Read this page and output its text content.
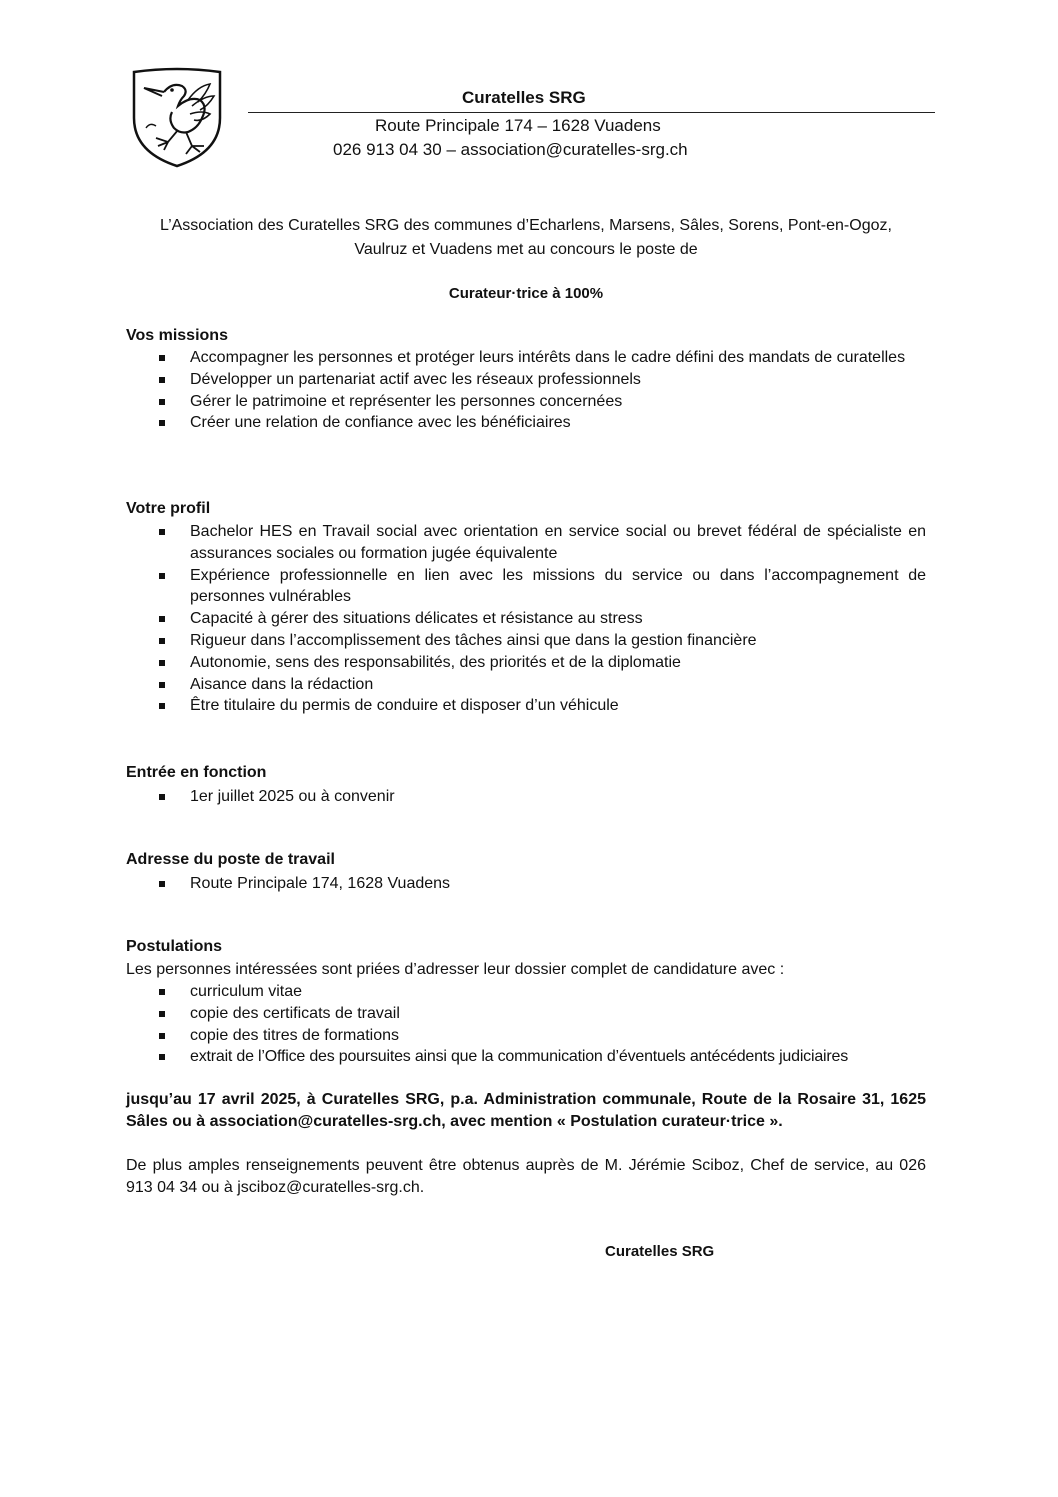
Curatelles SRG
Route Principale 174 – 1628 Vuadens
026 913 04 30 – association@curatelles-srg.ch
L’Association des Curatelles SRG des communes d’Echarlens, Marsens, Sâles, Sorens, Pont-en-Ogoz,
Vaulruz et Vuadens met au concours le poste de
Curateur·trice à 100%
Vos missions
Accompagner les personnes et protéger leurs intérêts dans le cadre défini des mandats de curatelles
Développer un partenariat actif avec les réseaux professionnels
Gérer le patrimoine et représenter les personnes concernées
Créer une relation de confiance avec les bénéficiaires
Votre profil
Bachelor HES en Travail social avec orientation en service social ou brevet fédéral de spécialiste en assurances sociales ou formation jugée équivalente
Expérience professionnelle en lien avec les missions du service ou dans l’accompagnement de personnes vulnérables
Capacité à gérer des situations délicates et résistance au stress
Rigueur dans l’accomplissement des tâches ainsi que dans la gestion financière
Autonomie, sens des responsabilités, des priorités et de la diplomatie
Aisance dans la rédaction
Être titulaire du permis de conduire et disposer d’un véhicule
Entrée en fonction
1er juillet 2025 ou à convenir
Adresse du poste de travail
Route Principale 174, 1628 Vuadens
Postulations
Les personnes intéressées sont priées d’adresser leur dossier complet de candidature avec :
curriculum vitae
copie des certificats de travail
copie des titres de formations
extrait de l’Office des poursuites ainsi que la communication d’éventuels antécédents judiciaires
jusqu’au 17 avril 2025, à Curatelles SRG, p.a. Administration communale, Route de la Rosaire 31, 1625 Sâles ou à association@curatelles-srg.ch, avec mention « Postulation curateur·trice ».
De plus amples renseignements peuvent être obtenus auprès de M. Jérémie Sciboz, Chef de service, au 026 913 04 34 ou à jsciboz@curatelles-srg.ch.
Curatelles SRG
